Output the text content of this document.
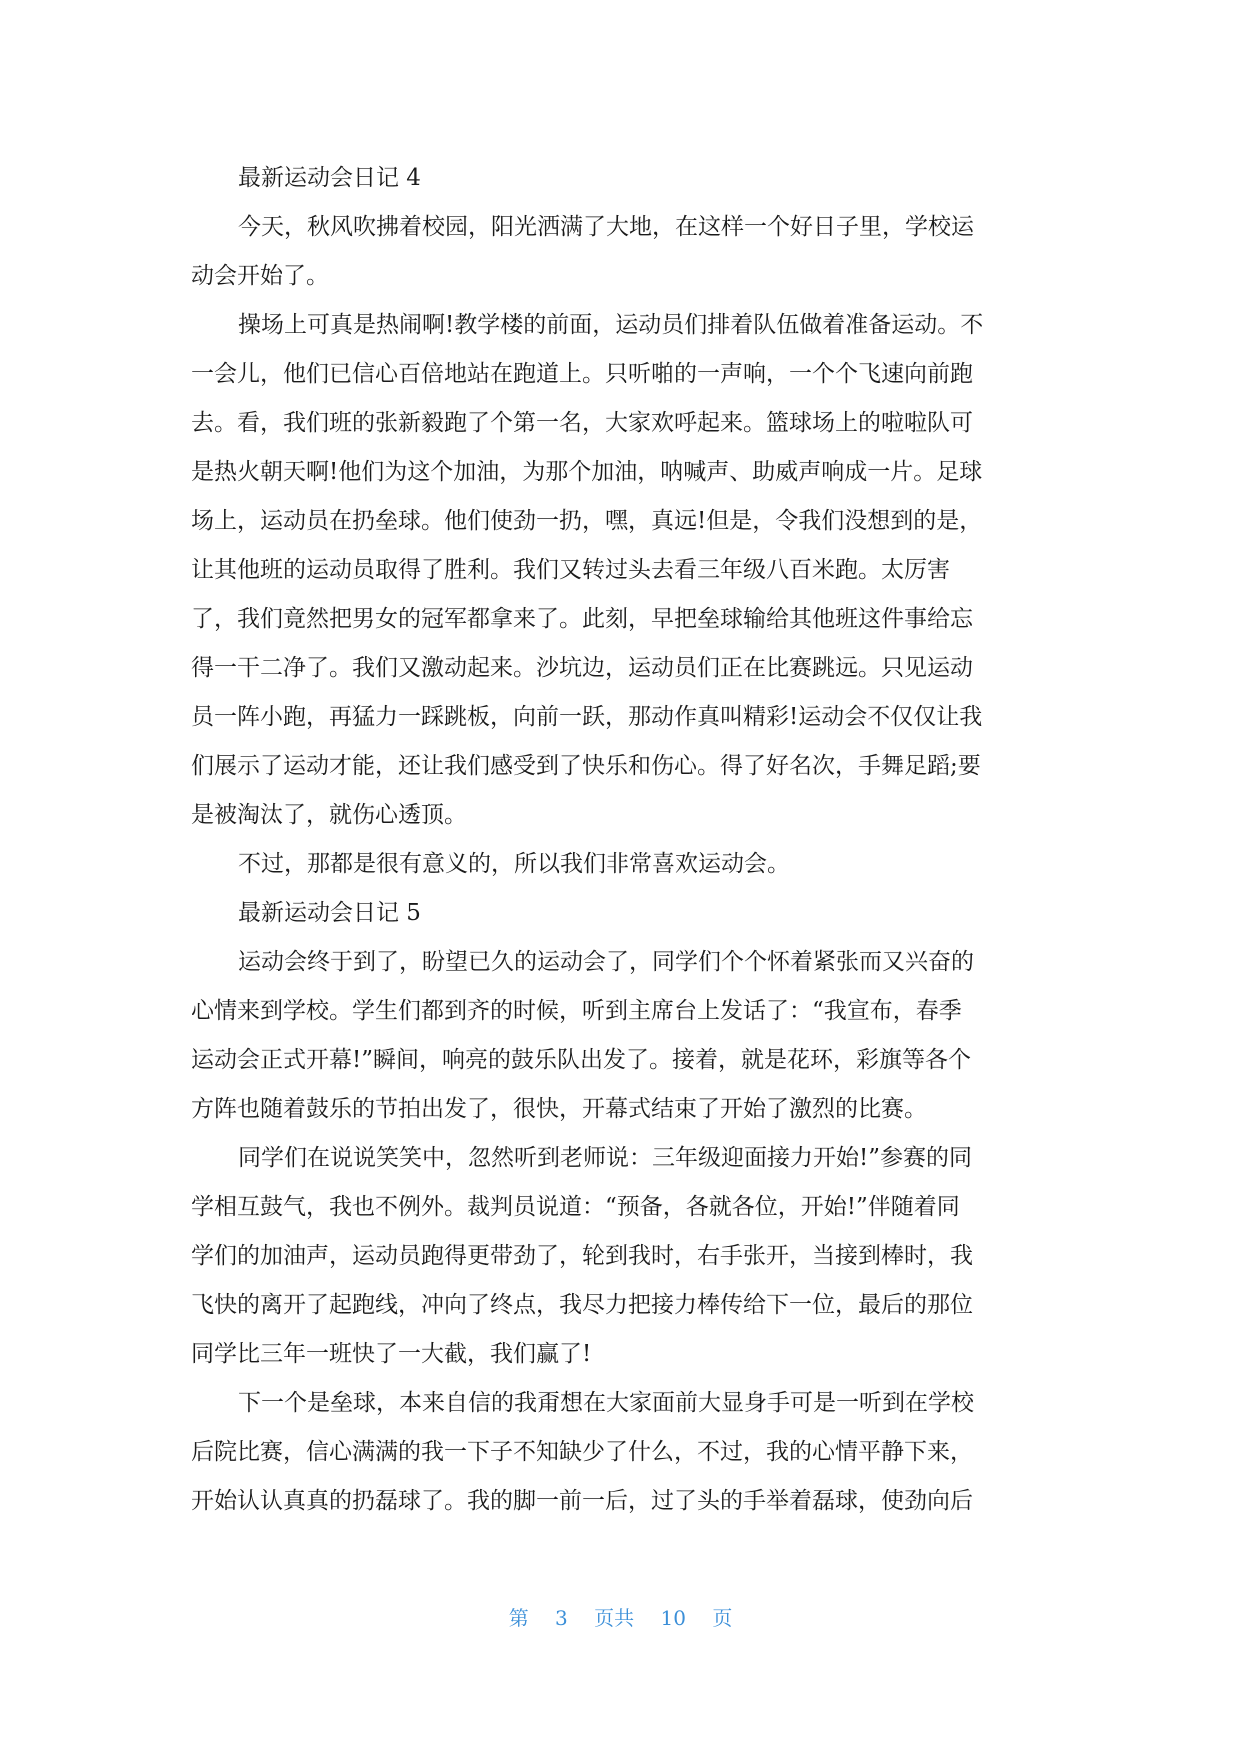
最新运动会日记 4
今天，秋风吹拂着校园，阳光洒满了大地，在这样一个好日子里，学校运
动会开始了。
操场上可真是热闹啊!教学楼的前面，运动员们排着队伍做着准备运动。不
一会儿，他们已信心百倍地站在跑道上。只听啪的一声响，一个个飞速向前跑
去。看，我们班的张新毅跑了个第一名，大家欢呼起来。篮球场上的啦啦队可
是热火朝天啊!他们为这个加油，为那个加油，呐喊声、助威声响成一片。足球
场上，运动员在扔垒球。他们使劲一扔，嘿，真远!但是，令我们没想到的是，
让其他班的运动员取得了胜利。我们又转过头去看三年级八百米跑。太厉害
了，我们竟然把男女的冠军都拿来了。此刻，早把垒球输给其他班这件事给忘
得一干二净了。我们又激动起来。沙坑边，运动员们正在比赛跳远。只见运动
员一阵小跑，再猛力一踩跳板，向前一跃，那动作真叫精彩!运动会不仅仅让我
们展示了运动才能，还让我们感受到了快乐和伤心。得了好名次，手舞足蹈;要
是被淘汰了，就伤心透顶。
不过，那都是很有意义的，所以我们非常喜欢运动会。
最新运动会日记 5
运动会终于到了，盼望已久的运动会了，同学们个个怀着紧张而又兴奋的
心情来到学校。学生们都到齐的时候，听到主席台上发话了：“我宣布，春季
运动会正式开幕!”瞬间，响亮的鼓乐队出发了。接着，就是花环，彩旗等各个
方阵也随着鼓乐的节拍出发了，很快，开幕式结束了开始了激烈的比赛。
同学们在说说笑笑中，忽然听到老师说：三年级迎面接力开始!”参赛的同
学相互鼓气，我也不例外。裁判员说道：“预备，各就各位，开始!”伴随着同
学们的加油声，运动员跑得更带劲了，轮到我时，右手张开，当接到棒时，我
飞快的离开了起跑线，冲向了终点，我尽力把接力棒传给下一位，最后的那位
同学比三年一班快了一大截，我们赢了!
下一个是垒球，本来自信的我甭想在大家面前大显身手可是一听到在学校
后院比赛，信心满满的我一下子不知缺少了什么，不过，我的心情平静下来，
开始认认真真的扔磊球了。我的脚一前一后，过了头的手举着磊球，使劲向后
第 3 页共 10 页
